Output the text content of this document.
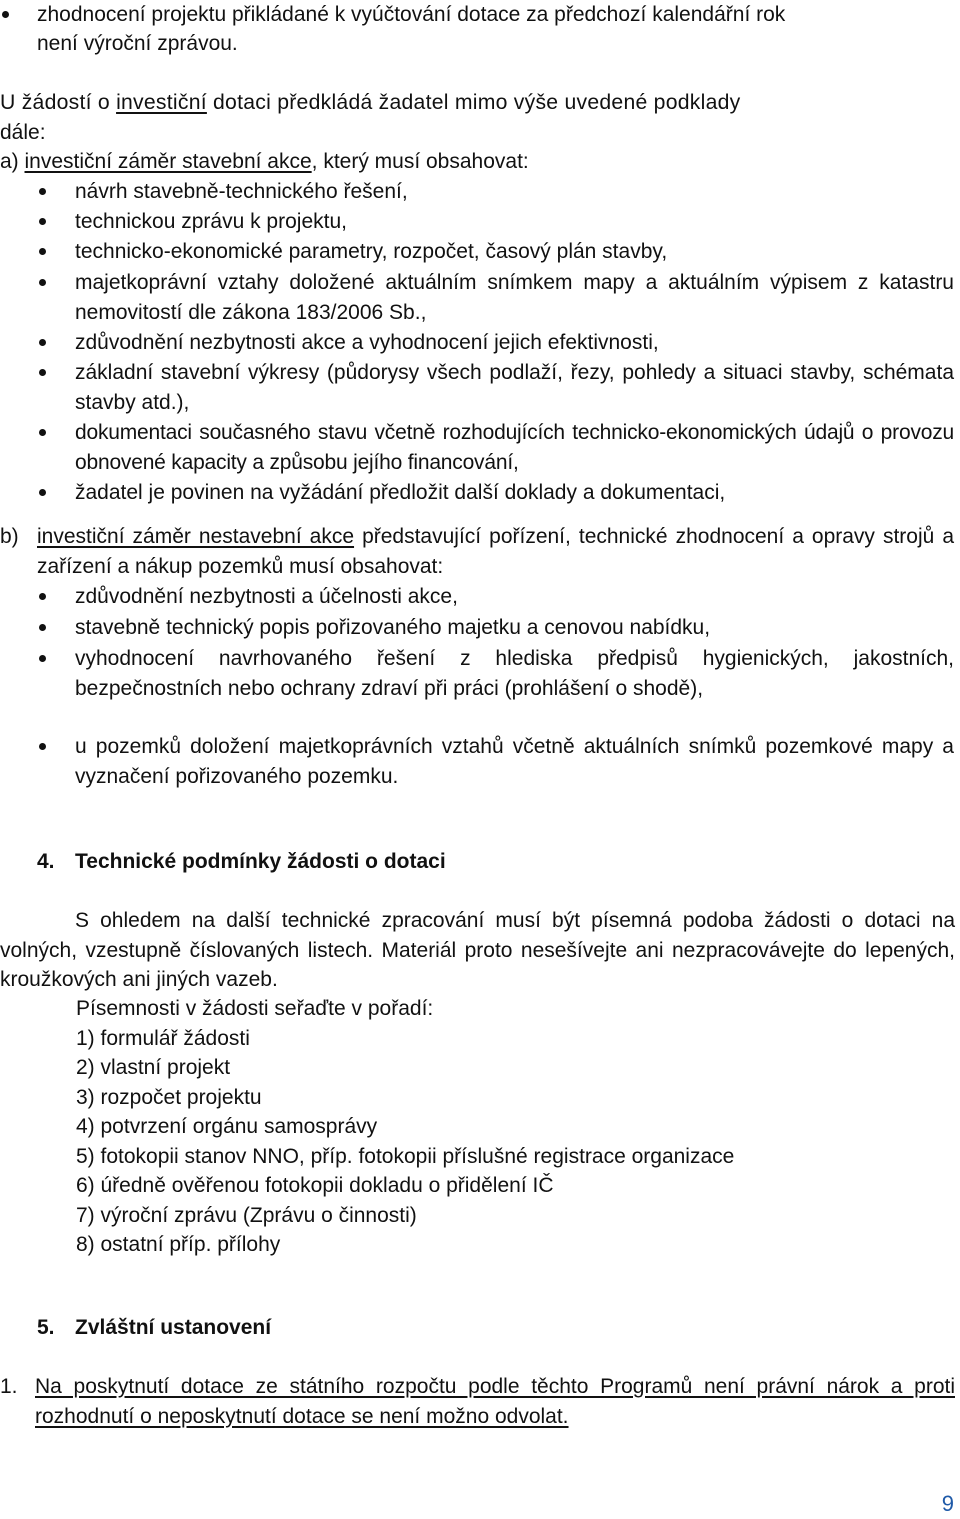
zhodnocení projektu přikládané k vyúčtování dotace za předchozí kalendářní rok
není výroční zprávou.
U žádostí o investiční dotaci předkládá žadatel mimo výše uvedené podklady
dále:
a) investiční záměr stavební akce, který musí obsahovat:
návrh stavebně-technického řešení,
technickou zprávu k projektu,
technicko-ekonomické parametry, rozpočet, časový plán stavby,
majetkoprávní vztahy doložené aktuálním snímkem mapy a aktuálním výpisem z katastru nemovitostí dle zákona 183/2006 Sb.,
zdůvodnění nezbytnosti akce a vyhodnocení jejich efektivnosti,
základní stavební výkresy (půdorysy všech podlaží, řezy, pohledy a situaci stavby, schémata stavby atd.),
dokumentaci současného stavu včetně rozhodujících technicko-ekonomických údajů o provozu obnovené kapacity a způsobu jejího financování,
žadatel je povinen na vyžádání předložit další doklady a dokumentaci,
b) investiční záměr nestavební akce představující pořízení, technické zhodnocení a opravy strojů a zařízení a nákup pozemků musí obsahovat:
zdůvodnění nezbytnosti a účelnosti akce,
stavebně technický popis pořizovaného majetku a cenovou nabídku,
vyhodnocení navrhovaného řešení z hlediska předpisů hygienických, jakostních, bezpečnostních nebo ochrany zdraví při práci (prohlášení o shodě),
u pozemků doložení majetkoprávních vztahů včetně aktuálních snímků pozemkové mapy a vyznačení pořizovaného pozemku.
4. Technické podmínky žádosti o dotaci
S ohledem na další technické zpracování musí být písemná podoba žádosti o dotaci na volných, vzestupně číslovaných listech. Materiál proto nesešívejte ani nezpracovávejte do lepených, kroužkových ani jiných vazeb.
Písemnosti v žádosti seřaďte v pořadí:
1) formulář žádosti
2) vlastní projekt
3) rozpočet projektu
4) potvrzení orgánu samosprávy
5) fotokopii stanov NNO, příp. fotokopii příslušné registrace organizace
6) úředně ověřenou fotokopii dokladu o přidělení IČ
7) výroční zprávu (Zprávu o činnosti)
8) ostatní příp. přílohy
5. Zvláštní ustanovení
1. Na poskytnutí dotace ze státního rozpočtu podle těchto Programů není právní nárok a proti rozhodnutí o neposkytnutí dotace se není možno odvolat.
9
